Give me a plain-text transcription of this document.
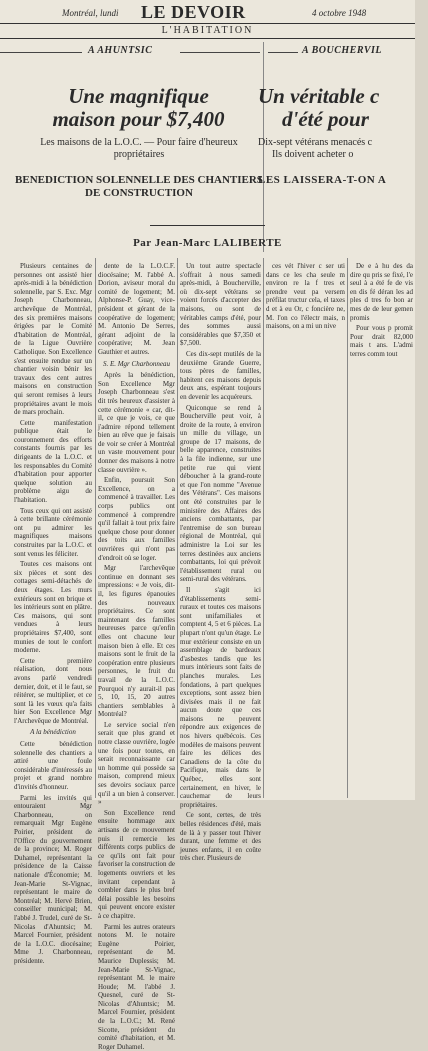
Montréal, lundi LE DEVOIR	4 octobre 1948
L'HABITATION
A AHUNTSIC	A BOUCHERVIL
Une magnifique
maison pour $7,400
Les maisons de la L.O.C. — Pour faire d'heureux propriétaires
BENEDICTION SOLENNELLE DES CHANTIERS
DE CONSTRUCTION
Un véritable c
d'été pour
Dix-sept vétérans menacés c
Ils doivent acheter o
LES LAISSERA-T-ON A
Par Jean-Marc LALIBERTE

Plusieurs centaines de personnes ont assisté hier après-midi à la bénédiction solennelle, par S. Exc. Mgr Joseph Charbonneau, archevêque de Montréal, des six premières maisons érigées par le Comité d'habitation de Montréal, de la Ligue Ouvrière Catholique. Son Excellence s'est ensuite rendue sur un chantier voisin bénir les travaux des cent autres maisons en construction qui seront remises à leurs propriétaires avant le mois de mars prochain.

Cette manifestation publique était le couronnement des efforts constants fournis par les dirigeants de la L.O.C. et les responsables du Comité d'habitation pour apporter quelque solution au problème aigu de l'habitation.

Tous ceux qui ont assisté à cette brillante cérémonie ont pu admirer les magnifiques maisons construites par la L.O.C. et sont venus les féliciter.

Toutes ces maisons ont six pièces et sont des cottages semi-détachés de deux étages. Les murs extérieurs sont en brique et les intérieurs sont en plâtre. Ces maisons, qui sont vendues à leurs propriétaires $7,400, sont munies de tout le confort moderne.

Cette première réalisation, dont nous avons parlé vendredi dernier, doit, et il le faut, se réitérer, se multiplier, et ce sont là les vœux qu'a faits hier Son Excellence Mgr l'Archevêque de Montréal.

A la bénédiction

Cette bénédiction solennelle des chantiers a attiré une foule considérable d'intéressés au projet et grand nombre d'invités d'honneur.

Parmi les invités qui entouraient Mgr Charbonneau, on remarquait Mgr Eugène Poirier, président de l'Office du gouvernement de la province; M. Roger Duhamel, représentant la présidence de la Caisse nationale d'Économie; M. Jean-Marie St-Vignac, représentant le maire de Montréal; M. Hervé Brien, conseiller municipal; M. l'abbé J. Trudel, curé de St-Nicolas d'Ahuntsic; M. Marcel Fournier, président de la L.O.C. diocésaine; Mme J. Charbonneau, présidente.

dente de la L.O.C.F. diocésaine; M. l'abbé A. Dorion, aviseur moral du comité de logement; M. Alphonse-P. Guay, vice-président et gérant de la coopérative de logement; M. Antonio De Serres, gérant adjoint de la coopérative; M. Jean Gauthier et autres.

S. E. Mgr Charbonneau

Après la bénédiction, Son Excellence Mgr Joseph Charbonneau s'est dit très heureux d'assister à cette cérémonie « car, dit-il, ce que je vois, ce que j'admire répond tellement bien au rêve que je faisais de voir se créer à Montréal un vaste mouvement pour donner des maisons à notre classe ouvrière ».

Enfin, poursuit Son Excellence, on a commencé à travailler. Les corps publics ont commencé à comprendre qu'il fallait à tout prix faire quelque chose pour donner des toits aux familles ouvrières qui n'ont pas d'endroit où se loger.

Mgr l'archevêque continue en donnant ses impressions: « Je vois, dit-il, les figures épanouies des nouveaux propriétaires. Ce sont maintenant des familles heureuses parce qu'enfin elles ont chacune leur maison bien à elle. Et ces maisons sont le fruit de la coopération entre plusieurs personnes, le fruit du travail de la L.O.C. Pourquoi n'y aurait-il pas 5, 10, 15, 20 autres chantiers semblables à Montréal?

Le service social n'en serait que plus grand et notre classe ouvrière, logée une fois pour toutes, en serait reconnaissante car un homme qui possède sa maison, comprend mieux ses devoirs sociaux parce qu'il a un bien à conserver. »

Son Excellence rend ensuite hommage aux artisans de ce mouvement puis il remercie les différents corps publics de ce qu'ils ont fait pour favoriser la construction de logements ouvriers et les invitant cependant à combler dans le plus bref délai possible les besoins qui peuvent encore exister à ce chapitre.

Parmi les autres orateurs notons M. le notaire Eugène Poirier, représentant de M. Maurice Duplessis; M. Jean-Marie St-Vignac, représentant M. le maire Houde; M. l'abbé J. Quesnel, curé de St-Nicolas d'Ahuntsic; M. Marcel Fournier, président de la L.O.C.; M. René Sicotte, président du comité d'habitation, et M. Roger Duhamel.

Un tout autre spectacle s'offrait à nous samedi après-midi, à Boucherville, où dix-sept vétérans se voient forcés d'accepter des maisons, ou sont de véritables camps d'été, pour des sommes aussi considérables que $7,350 et $7,500.

Ces dix-sept mutilés de la deuxième Grande Guerre, tous pères de familles, habitent ces maisons depuis deux ans, espérant toujours en devenir les acquéreurs.

Quiconque se rend à Boucherville peut voir, à droite de la route, à environ un mille du village, un groupe de 17 maisons, de belle apparence, construites à la file indienne, sur une petite rue qui vient déboucher à la grand-route et que l'on nomme "Avenue des Vétérans". Ces maisons ont été construites par le ministère des Affaires des anciens combattants, par l'entremise de son bureau régional de Montréal, qui administre la Loi sur les terres destinées aux anciens combattants, loi qui prévoit l'établissement rural ou semi-rural des vétérans.

Il s'agit ici d'établissements semi-ruraux et toutes ces maisons sont unifamiliales et comptent 4, 5 et 6 pièces. La plupart n'ont qu'un étage. Le mur extérieur consiste en un assemblage de bardeaux d'asbestes tandis que les murs intérieurs sont faits de planches murales. Les fondations, à part quelques exceptions, sont assez bien divisées mais il ne fait aucun doute que ces maisons ne peuvent répondre aux exigences de nos hivers québécois. Ces modèles de maisons peuvent faire les délices des Canadiens de la côte du Pacifique, mais dans le Québec, elles sont certainement, en hiver, le cauchemar de leurs propriétaires.

Ce sont, certes, de très belles résidences d'été, mais de là à y passer tout l'hiver durant, une femme et des jeunes enfants, il en coûte très cher. Plusieurs de

ces vét l'hiver c ser uti dans ce les cha seule m environ re la f tres et prendre veut pa versem préfilat tructur cela, el taxes d et à eu Or, c foncière ne, M. l'on co l'électr mais, n maisons, on a mi un nive

De e à hu des da dire qu pris se fixé, l'e seul à a été fe de vis en dis fé déran les ad ples d tres fo bon ar mes de de leur gemen promis

Pour vous p promit Pour drait 82,000 mais t ans. L'admi terres comm tout
